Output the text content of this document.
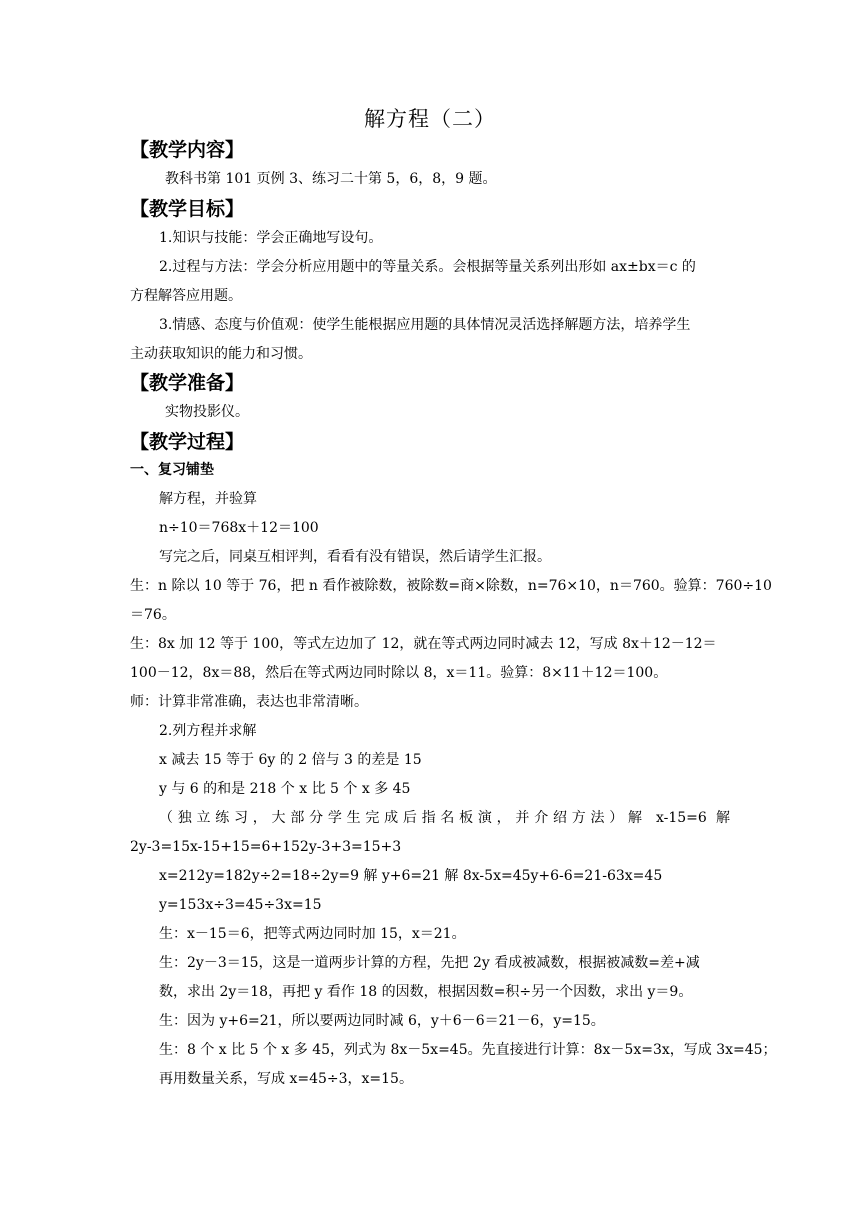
解方程（二）
【教学内容】
教科书第 101 页例 3、练习二十第 5，6，8，9 题。
【教学目标】
1.知识与技能：学会正确地写设句。
2.过程与方法：学会分析应用题中的等量关系。会根据等量关系列出形如 ax±bx＝c 的
方程解答应用题。
3.情感、态度与价值观：使学生能根据应用题的具体情况灵活选择解题方法，培养学生
主动获取知识的能力和习惯。
【教学准备】
实物投影仪。
【教学过程】
一、复习铺垫
解方程，并验算
n÷10＝768x＋12＝100
写完之后，同桌互相评判，看看有没有错误，然后请学生汇报。
生：n 除以 10 等于 76，把 n 看作被除数，被除数=商×除数，n=76×10，n＝760。验算：760÷10
＝76。
生：8x 加 12 等于 100，等式左边加了 12，就在等式两边同时减去 12，写成 8x＋12－12＝
100－12，8x＝88，然后在等式两边同时除以 8，x＝11。验算：8×11＋12＝100。
师：计算非常准确，表达也非常清晰。
2.列方程并求解
x 减去 15 等于 6y 的 2 倍与 3 的差是 15
y 与 6 的和是 218 个 x 比 5 个 x 多 45
（独立练习，大部分学生完成后指名板演，并介绍方法）解 x-15=6 解
2y-3=15x-15+15=6+152y-3+3=15+3
x=212y=182y÷2=18÷2y=9 解 y+6=21 解 8x-5x=45y+6-6=21-63x=45
y=153x÷3=45÷3x=15
生：x－15＝6，把等式两边同时加 15，x＝21。
生：2y－3＝15，这是一道两步计算的方程，先把 2y 看成被减数，根据被减数=差+减
数，求出 2y＝18，再把 y 看作 18 的因数，根据因数=积÷另一个因数，求出 y＝9。
生：因为 y+6=21，所以要两边同时减 6，y＋6－6＝21－6，y=15。
生：8 个 x 比 5 个 x 多 45，列式为 8x－5x=45。先直接进行计算：8x－5x=3x，写成 3x=45；
再用数量关系，写成 x=45÷3，x=15。
